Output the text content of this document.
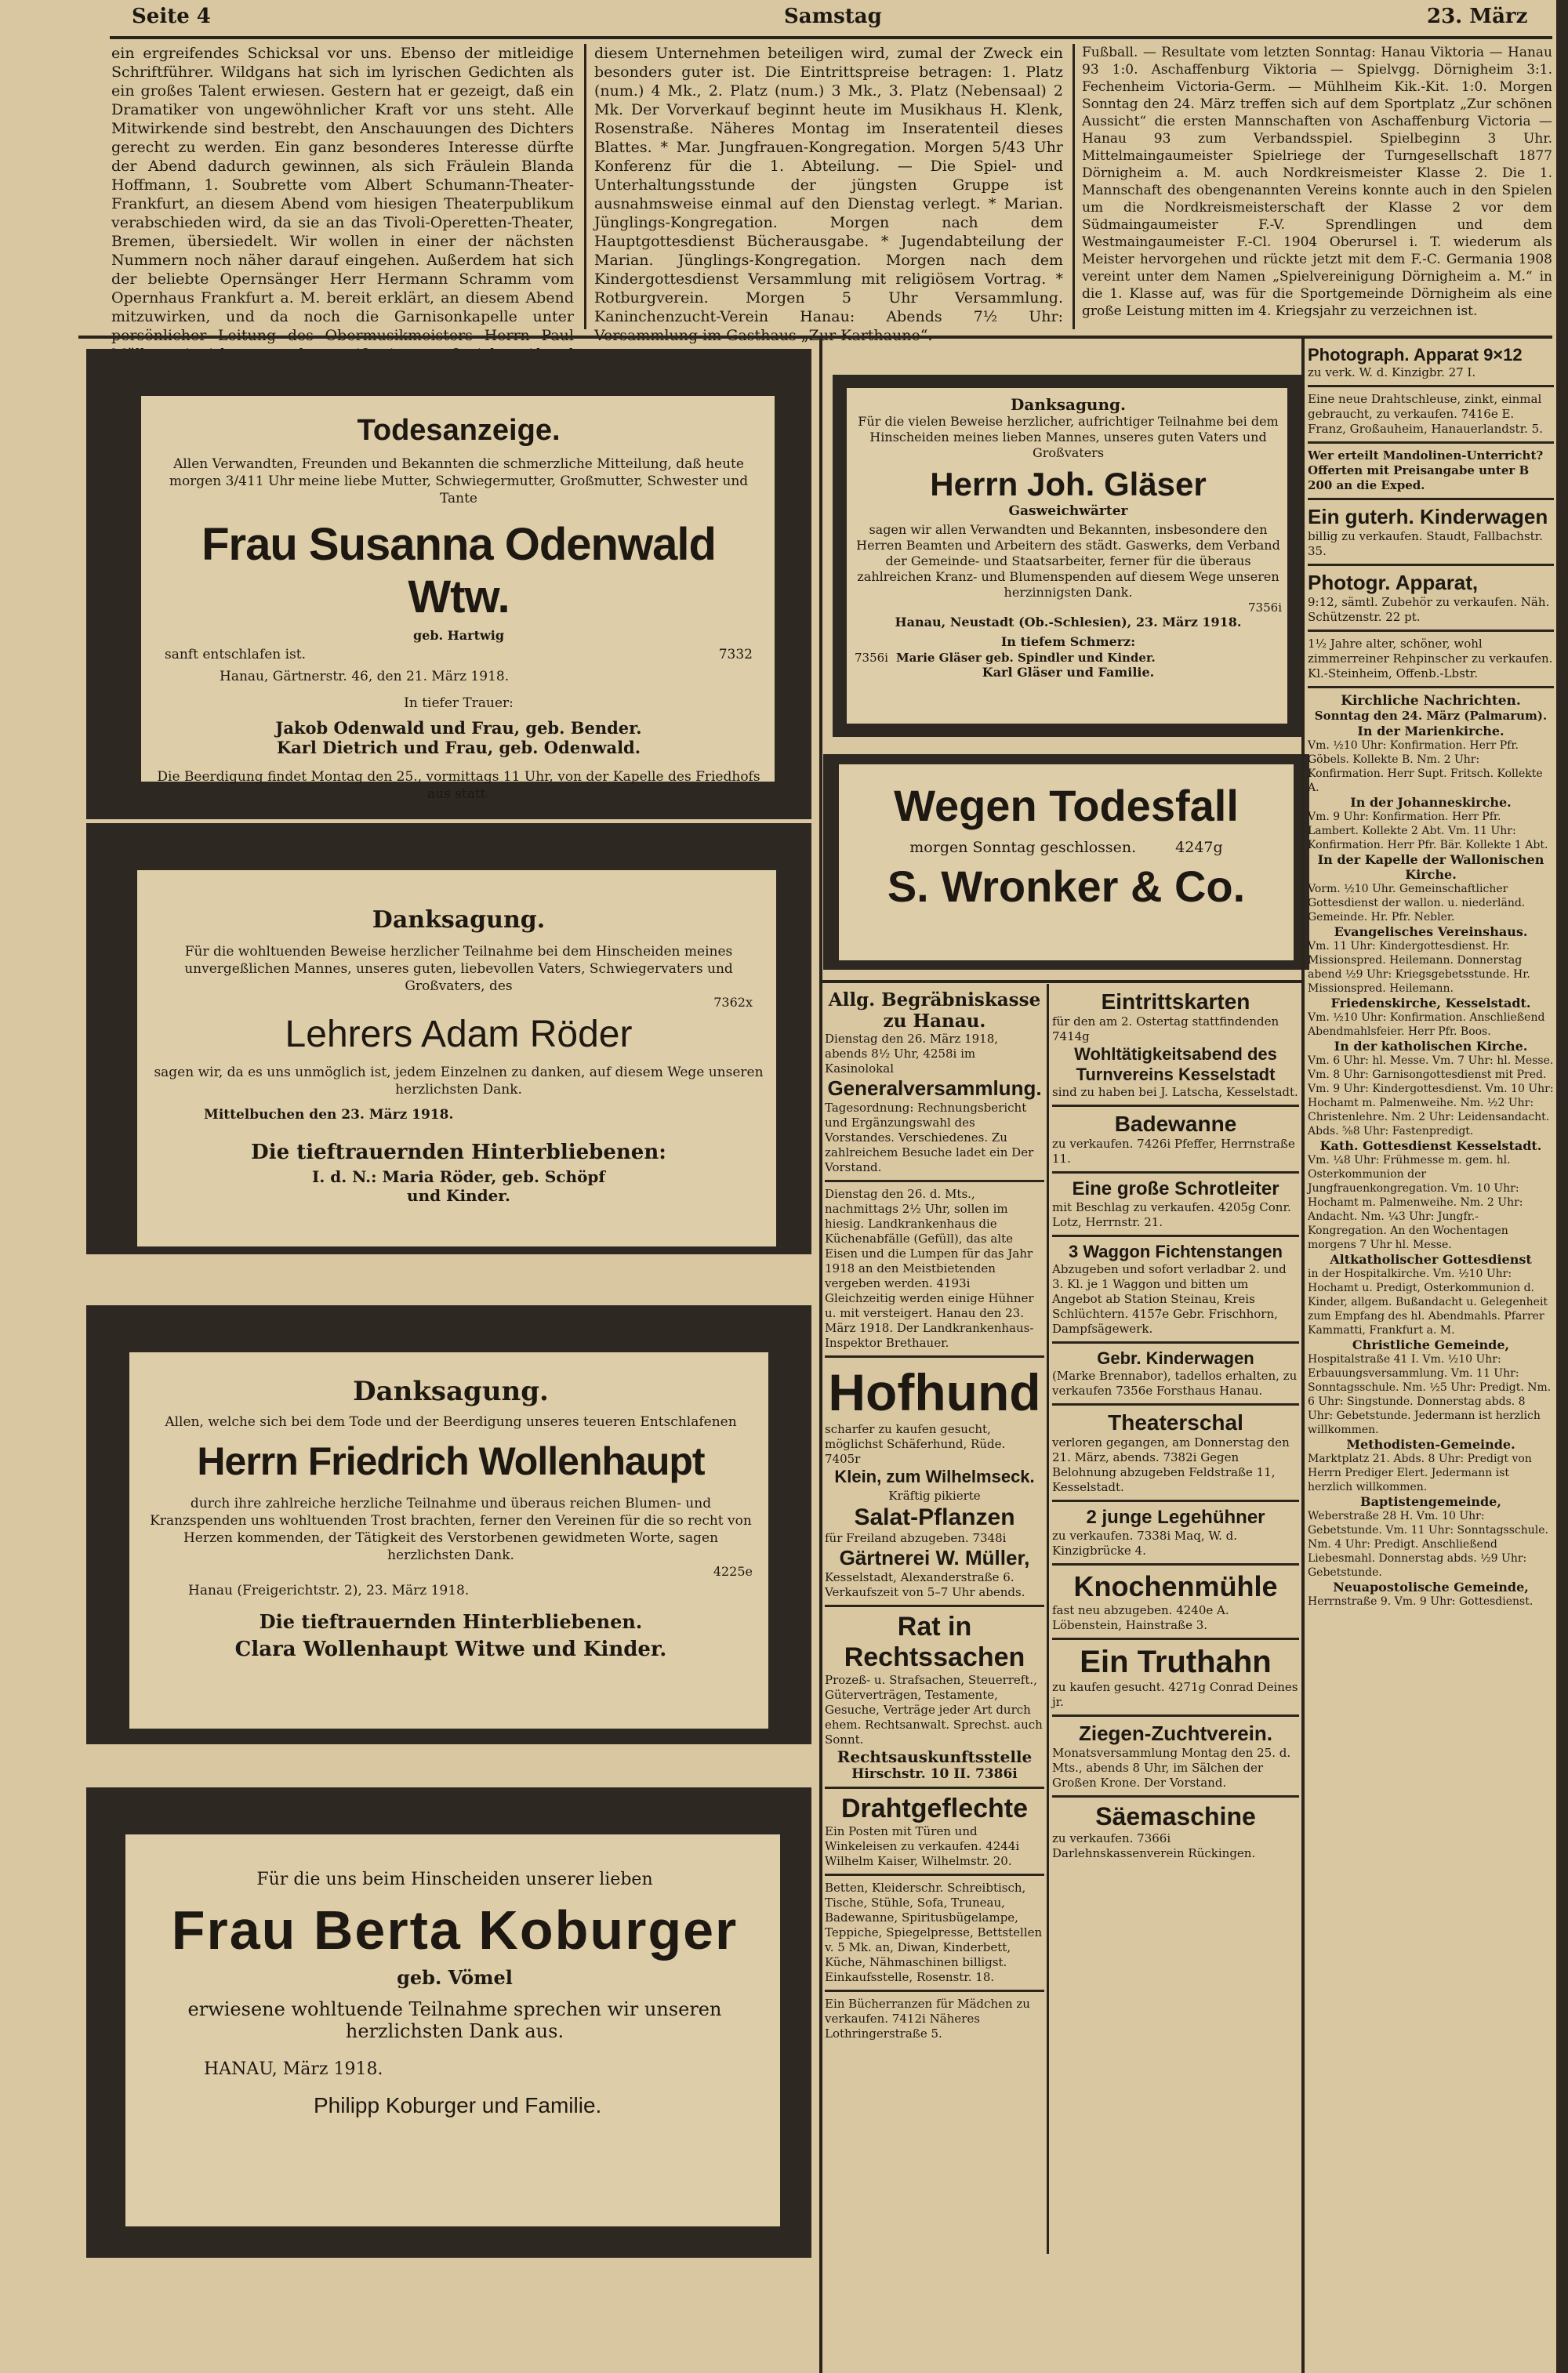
Seite 4	Samstag	23. März
ein ergreifendes Schicksal vor uns. Ebenso der mitleidige Schriftführer. Wildgans hat sich im lyrischen Gedichten als ein großes Talent erwiesen. Gestern hat er gezeigt, daß ein Dramatiker von ungewöhnlicher Kraft vor uns steht. Alle Mitwirkende sind bestrebt, den Anschauungen des Dichters gerecht zu werden. Ein ganz besonderes Interesse dürfte der Abend dadurch gewinnen, als sich Fräulein Blanda Hoffmann, 1. Soubrette vom Albert Schumann-Theater-Frankfurt, an diesem Abend vom hiesigen Theaterpublikum verabschieden wird, da sie an das Tivoli-Operetten-Theater, Bremen, übersiedelt. Wir wollen in einer der nächsten Nummern noch näher darauf eingehen. Außerdem hat sich der beliebte Opernsänger Herr Hermann Schramm vom Opernhaus Frankfurt a. M. bereit erklärt, an diesem Abend mitzuwirken, und da noch die Garnisonkapelle unter
diesem Unternehmen beteiligen wird, zumal der Zweck ein besonders guter ist. Die Eintrittspreise betragen: 1. Platz (num.) 4 Mk., 2. Platz (num.) 3 Mk., 3. Platz (Nebensaal) 2 Mk. Der Vorverkauf beginnt heute im Musikhaus H. Klenk, Rosenstraße. Näheres Montag im Inseratenteil dieses Blattes. * Mar. Jungfrauen-Kongregation. Morgen 5/43 Uhr Konferenz für die 1. Abteilung. — Die Spiel- und Unterhaltungsstunde der jüngsten Gruppe ist ausnahmsweise einmal auf den Dienstag verlegt. * Marian. Jünglings-Kongregation. Morgen nach dem Hauptgottesdienst Bücherausgabe. * Jugendabteilung der Marian. Jünglings-Kongregation. Morgen nach dem Kindergottesdienst Versammlung mit religiösem Vortrag. * Rotburgverein. Morgen 5 Uhr Versammlung. Kaninchenzucht-Verein Hanau: Abends 7½ Uhr:
Fußball. — Resultate vom letzten Sonntag: Hanau Viktoria — Hanau 93 1:0. Aschaffenburg Viktoria — Spielvgg. Dörnigheim 3:1. Fechenheim Victoria-Germ. — Mühlheim Kik.-Kit. 1:0. Morgen Sonntag den 24. März treffen sich auf dem Sportplatz „Zur schönen Aussicht“ die ersten Mannschaften von Aschaffenburg Victoria — Hanau 93 zum Verbandsspiel. Spielbeginn 3 Uhr. Mittelmaingaumeister Spielriege der Turngesellschaft 1877 Dörnigheim a. M. auch Nordkreismeister Klasse 2. Die 1. Mannschaft des obengenannten Vereins konnte auch in den Spielen um die Nordkreismeisterschaft der Klasse 2 vor dem Südmaingaumeister F.-V. Sprendlingen und dem Westmaingaumeister F.-Cl. 1904 Oberursel i. T. wiederum als Meister hervorgehen und rückte jetzt mit dem F.-C. Germania 1908 vereint unter dem Namen „Spielvereinigung Dörnigheim a. M.“ in die 1. Klasse auf, was für die Sportgemeinde Dörnigheim als eine große Leistung mitten im 4. Kriegsjahr zu verzeichnen ist.
Todesanzeige.
Allen Verwandten, Freunden und Bekannten die schmerzliche Mitteilung, daß heute morgen 3/411 Uhr meine liebe Mutter, Schwiegermutter, Großmutter, Schwester und Tante
Frau Susanna Odenwald Wtw.
geb. Hartwig
sanft entschlafen ist.	7332
Hanau, Gärtnerstr. 46, den 21. März 1918.
In tiefer Trauer:
Jakob Odenwald und Frau, geb. Bender.
Karl Dietrich und Frau, geb. Odenwald.
Die Beerdigung findet Montag den 25., vormittags 11 Uhr, von der Kapelle des Friedhofs aus statt.
Danksagung.
Für die wohltuenden Beweise herzlicher Teilnahme bei dem Hinscheiden meines unvergeßlichen Mannes, unseres guten, liebevollen Vaters, Schwiegervaters und Großvaters, des
7362x
Lehrers Adam Röder
sagen wir, da es uns unmöglich ist, jedem Einzelnen zu danken, auf diesem Wege unseren herzlichsten Dank.
Mittelbuchen den 23. März 1918.
Die tieftrauernden Hinterbliebenen:
I. d. N.: Maria Röder, geb. Schöpf
und Kinder.
Danksagung.
Allen, welche sich bei dem Tode und der Beerdigung unseres teueren Entschlafenen
Herrn Friedrich Wollenhaupt
durch ihre zahlreiche herzliche Teilnahme und überaus reichen Blumen- und Kranzspenden uns wohltuenden Trost brachten, ferner den Vereinen für die so recht von Herzen kommenden, der Tätigkeit des Verstorbenen gewidmeten Worte, sagen herzlichsten Dank.
4225e
Hanau (Freigerichtstr. 2), 23. März 1918.
Die tieftrauernden Hinterbliebenen.
Clara Wollenhaupt Witwe und Kinder.
Für die uns beim Hinscheiden unserer lieben
Frau Berta Koburger
geb. Vömel
erwiesene wohltuende Teilnahme sprechen wir unseren herzlichsten Dank aus.
HANAU, März 1918.
Philipp Koburger und Familie.
Danksagung.
Für die vielen Beweise herzlicher, aufrichtiger Teilnahme bei dem Hinscheiden meines lieben Mannes, unseres guten Vaters und Großvaters
Herrn Joh. Gläser
Gasweichwärter
sagen wir allen Verwandten und Bekannten, insbesondere den Herren Beamten und Arbeitern des städt. Gaswerks, dem Verband der Gemeinde- und Staatsarbeiter, ferner für die überaus zahlreichen Kranz- und Blumenspenden auf diesem Wege unseren herzinnigsten Dank.
7356i
Hanau, Neustadt (Ob.-Schlesien), 23. März 1918.
In tiefem Schmerz:
7356i Marie Gläser geb. Spindler und Kinder.
Karl Gläser und Familie.
Wegen Todesfall
morgen Sonntag geschlossen.	4247g
S. Wronker & Co.
Allg. Begräbniskasse zu Hanau.
Dienstag den 26. März 1918, abends 8½ Uhr, 4258i im Kasinolokal
Generalversammlung.
Tagesordnung: Rechnungsbericht und Ergänzungswahl des Vorstandes. Verschiedenes. Zu zahlreichem Besuche ladet ein Der Vorstand.
Dienstag den 26. d. Mts., nachmittags 2½ Uhr, sollen im hiesig. Landkrankenhaus die Küchenabfälle (Gefüll), das alte Eisen und die Lumpen für das Jahr 1918 an den Meistbietenden vergeben werden. 4193i Gleichzeitig werden einige Hühner u. mit versteigert. Hanau den 23. März 1918. Der Landkrankenhaus-Inspektor Brethauer.
Hofhund
scharfer zu kaufen gesucht, möglichst Schäferhund, Rüde. 7405r
Klein, zum Wilhelmseck.
Kräftig pikierte
Salat-Pflanzen
für Freiland abzugeben. 7348i
Gärtnerei W. Müller,
Kesselstadt, Alexanderstraße 6. Verkaufszeit von 5–7 Uhr abends.
Rat in Rechtssachen
Prozeß- u. Strafsachen, Steuerreft., Güterverträgen, Testamente, Gesuche, Verträge jeder Art durch ehem. Rechtsanwalt. Sprechst. auch Sonnt.
Rechtsauskunftsstelle
Hirschstr. 10 II. 7386i
Drahtgeflechte
Ein Posten mit Türen und Winkeleisen zu verkaufen. 4244i Wilhelm Kaiser, Wilhelmstr. 20.
Betten, Kleiderschr. Schreibtisch, Tische, Stühle, Sofa, Truneau, Badewanne, Spiritusbügelampe, Teppiche, Spiegelpresse, Bettstellen v. 5 Mk. an, Diwan, Kinderbett, Küche, Nähmaschinen billigst. Einkaufsstelle, Rosenstr. 18.
Ein Bücherranzen für Mädchen zu verkaufen. 7412i Näheres Lothringerstraße 5.
Eintrittskarten
für den am 2. Ostertag stattfindenden 7414g
Wohltätigkeitsabend des Turnvereins Kesselstadt
sind zu haben bei J. Latscha, Kesselstadt.
Badewanne
zu verkaufen. 7426i Pfeffer, Herrnstraße 11.
Eine große Schrotleiter
mit Beschlag zu verkaufen. 4205g Conr. Lotz, Herrnstr. 21.
3 Waggon Fichtenstangen
Abzugeben und sofort verladbar 2. und 3. Kl. je 1 Waggon und bitten um Angebot ab Station Steinau, Kreis Schlüchtern. 4157e Gebr. Frischhorn, Dampfsägewerk.
Gebr. Kinderwagen
(Marke Brennabor), tadellos erhalten, zu verkaufen 7356e Forsthaus Hanau.
Theaterschal
verloren gegangen, am Donnerstag den 21. März, abends. 7382i Gegen Belohnung abzugeben Feldstraße 11, Kesselstadt.
2 junge Legehühner
zu verkaufen. 7338i Maq, W. d. Kinzigbrücke 4.
Knochenmühle
fast neu abzugeben. 4240e A. Löbenstein, Hainstraße 3.
Ein Truthahn
zu kaufen gesucht. 4271g Conrad Deines jr.
Ziegen-Zuchtverein.
Monatsversammlung Montag den 25. d. Mts., abends 8 Uhr, im Sälchen der Großen Krone. Der Vorstand.
Säemaschine
zu verkaufen. 7366i Darlehnskassenverein Rückingen.
Photograph. Apparat 9×12
zu verk. W. d. Kinzigbr. 27 I.
Eine neue Drahtschleuse, zinkt, einmal gebraucht, zu verkaufen. 7416e E. Franz, Großauheim, Hanauerlandstr. 5.
Wer erteilt Mandolinen-Unterricht? Offerten mit Preisangabe unter B 200 an die Exped.
Ein guterh. Kinderwagen
billig zu verkaufen. Staudt, Fallbachstr. 35.
Photogr. Apparat,
9:12, sämtl. Zubehör zu verkaufen. Näh. Schützenstr. 22 pt.
1½ Jahre alter, schöner, wohl zimmerreiner Rehpinscher zu verkaufen. Kl.-Steinheim, Offenb.-Lbstr.
Kirchliche Nachrichten.
Sonntag den 24. März (Palmarum).
In der Marienkirche.
Vm. ½10 Uhr: Konfirmation. Herr Pfr. Göbels. Kollekte B. Nm. 2 Uhr: Konfirmation. Herr Supt. Fritsch. Kollekte A.
In der Johanneskirche.
Vm. 9 Uhr: Konfirmation. Herr Pfr. Lambert. Kollekte 2 Abt. Vm. 11 Uhr: Konfirmation. Herr Pfr. Bär. Kollekte 1 Abt.
In der Kapelle der Wallonischen Kirche.
Vorm. ½10 Uhr. Gemeinschaftlicher Gottesdienst der wallon. u. niederländ. Gemeinde. Hr. Pfr. Nebler.
Evangelisches Vereinshaus.
Vm. 11 Uhr: Kindergottesdienst. Hr. Missionspred. Heilemann. Donnerstag abend ½9 Uhr: Kriegsgebetsstunde. Hr. Missionspred. Heilemann.
Friedenskirche, Kesselstadt.
Vm. ½10 Uhr: Konfirmation. Anschließend Abendmahlsfeier. Herr Pfr. Boos.
In der katholischen Kirche.
Vm. 6 Uhr: hl. Messe. Vm. 7 Uhr: hl. Messe. Vm. 8 Uhr: Garnisongottesdienst mit Pred. Vm. 9 Uhr: Kindergottesdienst. Vm. 10 Uhr: Hochamt m. Palmenweihe. Nm. ½2 Uhr: Christenlehre. Nm. 2 Uhr: Leidensandacht. Abds. ⅝8 Uhr: Fastenpredigt.
Kath. Gottesdienst Kesselstadt.
Vm. ¼8 Uhr: Frühmesse m. gem. hl. Osterkommunion der Jungfrauenkongregation. Vm. 10 Uhr: Hochamt m. Palmenweihe. Nm. 2 Uhr: Andacht. Nm. ¼3 Uhr: Jungfr.-Kongregation. An den Wochentagen morgens 7 Uhr hl. Messe.
Altkatholischer Gottesdienst
in der Hospitalkirche. Vm. ½10 Uhr: Hochamt u. Predigt, Osterkommunion d. Kinder, allgem. Bußandacht u. Gelegenheit zum Empfang des hl. Abendmahls. Pfarrer Kammatti, Frankfurt a. M.
Christliche Gemeinde,
Hospitalstraße 41 I. Vm. ½10 Uhr: Erbauungsversammlung. Vm. 11 Uhr: Sonntagsschule. Nm. ½5 Uhr: Predigt. Nm. 6 Uhr: Singstunde. Donnerstag abds. 8 Uhr: Gebetstunde. Jedermann ist herzlich willkommen.
Methodisten-Gemeinde.
Marktplatz 21. Abds. 8 Uhr: Predigt von Herrn Prediger Elert. Jedermann ist herzlich willkommen.
Baptistengemeinde,
Weberstraße 28 H. Vm. 10 Uhr: Gebetstunde. Vm. 11 Uhr: Sonntagsschule. Nm. 4 Uhr: Predigt. Anschließend Liebesmahl. Donnerstag abds. ½9 Uhr: Gebetstunde.
Neuapostolische Gemeinde,
Herrnstraße 9. Vm. 9 Uhr: Gottesdienst.
